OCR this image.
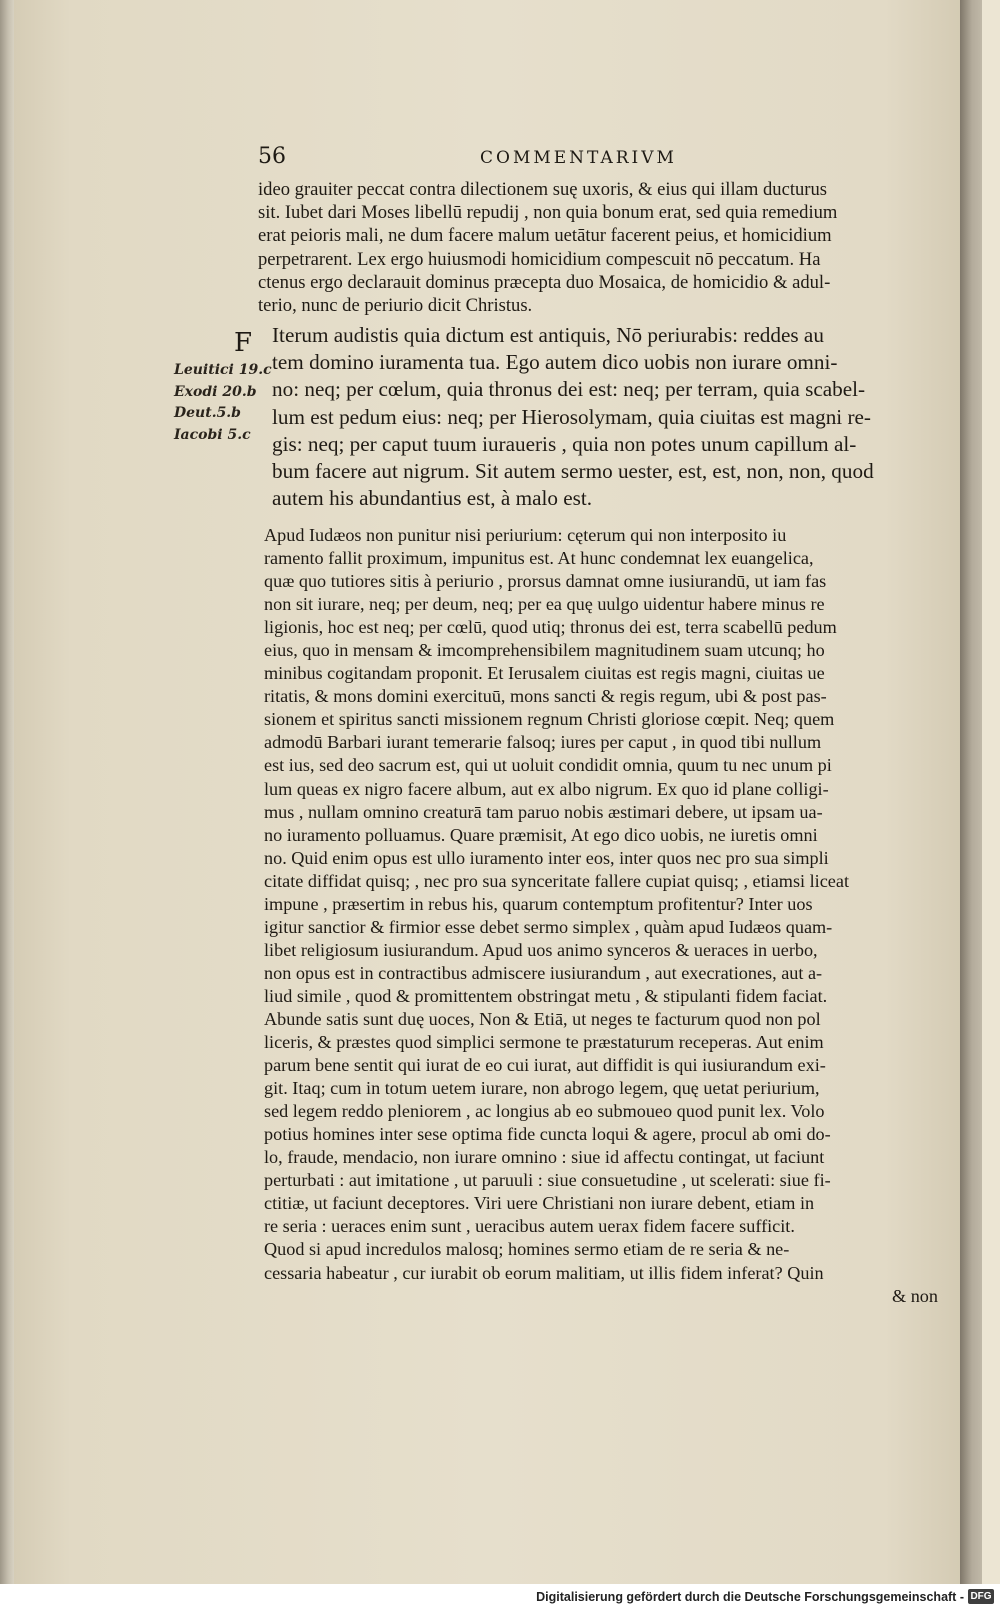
56	COMMENTARIVM
ideo grauiter peccat contra dilectionem suę uxoris, & eius qui illam ducturus
sit. Iubet dari Moses libellū repudij , non quia bonum erat, sed quia remedium
erat peioris mali, ne dum facere malum uetātur facerent peius, et homicidium
perpetrarent. Lex ergo huiusmodi homicidium compescuit nō peccatum. Ha
ctenus ergo declarauit dominus præcepta duo Mosaica, de homicidio & adul-
terio, nunc de periurio dicit Christus.
F
Leuitici 19.c
Exodi 20.b
Deut.5.b
Iacobi 5.c
Iterum audistis quia dictum est antiquis, Nō periurabis: reddes au
tem domino iuramenta tua. Ego autem dico uobis non iurare omni-
no: neq; per cœlum, quia thronus dei est: neq; per terram, quia scabel-
lum est pedum eius: neq; per Hierosolymam, quia ciuitas est magni re-
gis: neq; per caput tuum iuraueris , quia non potes unum capillum al-
bum facere aut nigrum. Sit autem sermo uester, est, est, non, non, quod
autem his abundantius est, à malo est.
Apud Iudæos non punitur nisi periurium: cęterum qui non interposito iu
ramento fallit proximum, impunitus est. At hunc condemnat lex euangelica,
quæ quo tutiores sitis à periurio , prorsus damnat omne iusiurandū, ut iam fas
non sit iurare, neq; per deum, neq; per ea quę uulgo uidentur habere minus re
ligionis, hoc est neq; per cœlū, quod utiq; thronus dei est, terra scabellū pedum
eius, quo in mensam & imcomprehensibilem magnitudinem suam utcunq; ho
minibus cogitandam proponit. Et Ierusalem ciuitas est regis magni, ciuitas ue
ritatis, & mons domini exercituū, mons sancti & regis regum, ubi & post pas-
sionem et spiritus sancti missionem regnum Christi gloriose cœpit. Neq; quem
admodū Barbari iurant temerarie falsoq; iures per caput , in quod tibi nullum
est ius, sed deo sacrum est, qui ut uoluit condidit omnia, quum tu nec unum pi
lum queas ex nigro facere album, aut ex albo nigrum. Ex quo id plane colligi-
mus , nullam omnino creaturā tam paruo nobis æstimari debere, ut ipsam ua-
no iuramento polluamus. Quare præmisit, At ego dico uobis, ne iuretis omni
no. Quid enim opus est ullo iuramento inter eos, inter quos nec pro sua simpli
citate diffidat quisq; , nec pro sua synceritate fallere cupiat quisq; , etiamsi liceat
impune , præsertim in rebus his, quarum contemptum profitentur? Inter uos
igitur sanctior & firmior esse debet sermo simplex , quàm apud Iudæos quam-
libet religiosum iusiurandum. Apud uos animo synceros & ueraces in uerbo,
non opus est in contractibus admiscere iusiurandum , aut execrationes, aut a-
liud simile , quod & promittentem obstringat metu , & stipulanti fidem faciat.
Abunde satis sunt duę uoces, Non & Etiā, ut neges te facturum quod non pol
liceris, & præstes quod simplici sermone te præstaturum receperas. Aut enim
parum bene sentit qui iurat de eo cui iurat, aut diffidit is qui iusiurandum exi-
git. Itaq; cum in totum uetem iurare, non abrogo legem, quę uetat periurium,
sed legem reddo pleniorem , ac longius ab eo submoueo quod punit lex. Volo
potius homines inter sese optima fide cuncta loqui & agere, procul ab omi do-
lo, fraude, mendacio, non iurare omnino : siue id affectu contingat, ut faciunt
perturbati : aut imitatione , ut paruuli : siue consuetudine , ut scelerati: siue fi-
ctitiæ, ut faciunt deceptores. Viri uere Christiani non iurare debent, etiam in
re seria : ueraces enim sunt , ueracibus autem uerax fidem facere sufficit.
Quod si apud incredulos malosq; homines sermo etiam de re seria & ne-
cessaria habeatur , cur iurabit ob eorum malitiam, ut illis fidem inferat? Quin
& non
Digitalisierung gefördert durch die Deutsche Forschungsgemeinschaft - DFG
